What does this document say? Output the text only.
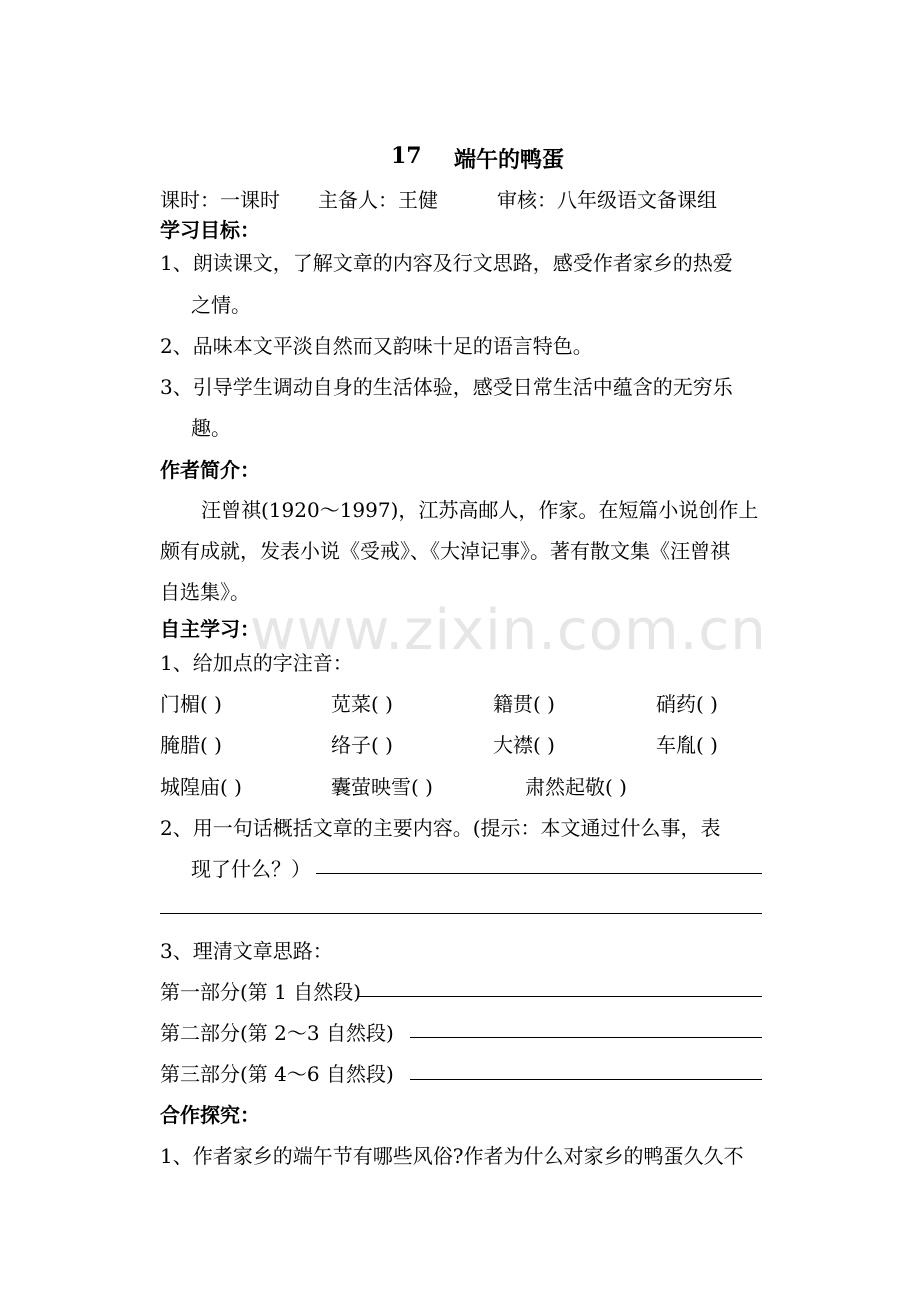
www.zixin.com.cn
17 端午的鸭蛋
课时：一课时 主备人：王健	审核：八年级语文备课组
学习目标：
1、朗读课文，了解文章的内容及行文思路，感受作者家乡的热爱
之情。
2、品味本文平淡自然而又韵味十足的语言特色。
3、引导学生调动自身的生活体验，感受日常生活中蕴含的无穷乐
趣。
作者简介：
汪曾祺(1920～1997)，江苏高邮人，作家。在短篇小说创作上
颇有成就，发表小说《受戒》、《大淖记事》。著有散文集《汪曾祺
自选集》。
自主学习：
1、给加点的字注音：
门楣( )	苋菜( )	籍贯( )	硝药( )
腌腊( )	络子( )	大襟( )	车胤( )
城隍庙( )	囊萤映雪( )	肃然起敬( )
2、用一句话概括文章的主要内容。(提示：本文通过什么事，表
现了什么？）
3、理清文章思路：
第一部分(第 1 自然段)
第二部分(第 2～3 自然段)
第三部分(第 4～6 自然段)
合作探究：
1、作者家乡的端午节有哪些风俗?作者为什么对家乡的鸭蛋久久不
